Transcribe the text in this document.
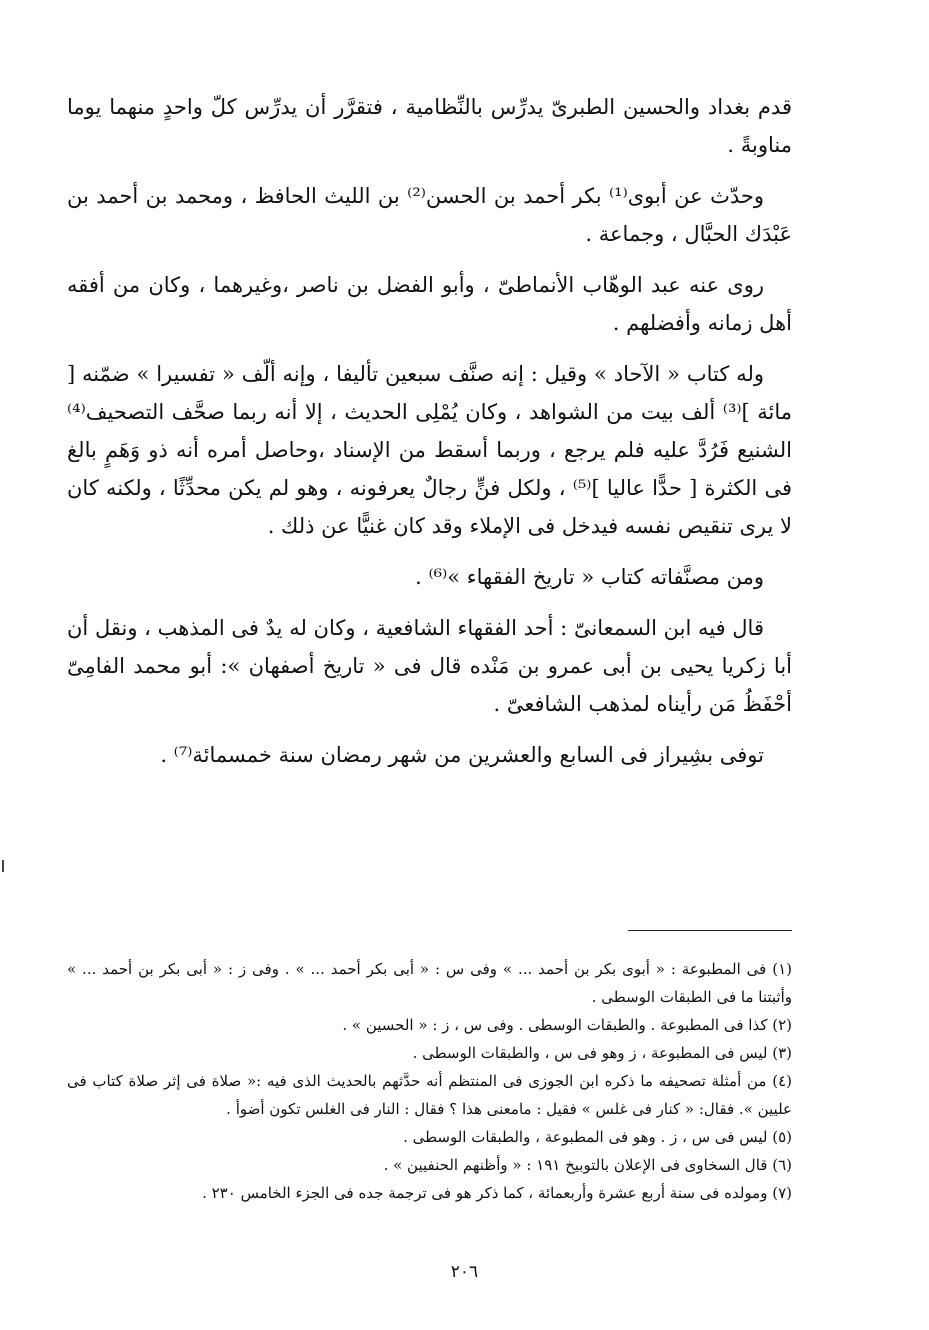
قدم بغداد والحسين الطبرىّ يدرِّس بالنِّظامية ، فتقرَّر أن يدرِّس كلّ واحدٍ منهما يوما مناوبةً .

وحدّث عن أبوى⁽¹⁾ بكر أحمد بن الحسن⁽²⁾ بن الليث الحافظ ، ومحمد بن أحمد بن عَبْدَك الحبَّال ، وجماعة .

روى عنه عبد الوهّاب الأنماطىّ ، وأبو الفضل بن ناصر ،وغيرهما ، وكان من أفقه أهل زمانه وأفضلهم .

وله كتاب « الآحاد » وقيل : إنه صنَّف سبعين تأليفا ، وإنه ألّف « تفسيرا » ضمّنه [ مائة ]⁽³⁾ ألف بيت من الشواهد ، وكان يُمْلِى الحديث ، إلا أنه ربما صحَّف التصحيف⁽⁴⁾ الشنيع فَرُدَّ عليه فلم يرجع ، وربما أسقط من الإسناد ،وحاصل أمره أنه ذو وَهَمٍ بالغ فى الكثرة [ حدًّا عاليا ]⁽⁵⁾ ، ولكل فنٍّ رجالٌ يعرفونه ، وهو لم يكن محدِّثًا ، ولكنه كان لا يرى تنقيص نفسه فيدخل فى الإملاء وقد كان غنيًّا عن ذلك .

ومن مصنَّفاته كتاب « تاريخ الفقهاء »⁽⁶⁾ .

قال فيه ابن السمعانىّ : أحد الفقهاء الشافعية ، وكان له يدٌ فى المذهب ، ونقل أن أبا زكريا يحيى بن أبى عمرو بن مَنْده قال فى « تاريخ أصفهان »: أبو محمد الفامِىّ أحْفَظُ مَن رأيناه لمذهب الشافعىّ .

توفى بشِيراز فى السابع والعشرين من شهر رمضان سنة خمسمائة⁽⁷⁾ .

(١) فى المطبوعة : « أبوى بكر بن أحمد ... » وفى س : « أبى بكر أحمد ... » . وفى ز : « أبى بكر بن أحمد ... » وأثبتنا ما فى الطبقات الوسطى .

(٢) كذا فى المطبوعة . والطبقات الوسطى . وفى س ، ز : « الحسين » .

(٣) ليس فى المطبوعة ، ز وهو فى س ، والطبقات الوسطى .

(٤) من أمثلة تصحيفه ما ذكره ابن الجوزى فى المنتظم أنه حدَّثهم بالحديث الذى فيه :« صلاة فى إثر صلاة كتاب فى عليين ». فقال: « كنار فى غلس » فقيل : مامعنى هذا ؟ فقال : النار فى الغلس تكون أضوأ .

(٥) ليس فى س ، ز . وهو فى المطبوعة ، والطبقات الوسطى .

(٦) قال السخاوى فى الإعلان بالتوبيخ ١٩١ : « وأظنهم الحنفيين » .

(٧) ومولده فى سنة أربع عشرة وأربعمائة ، كما ذكر هو فى ترجمة جده فى الجزء الخامس ٢٣٠ .

٢٠٦
